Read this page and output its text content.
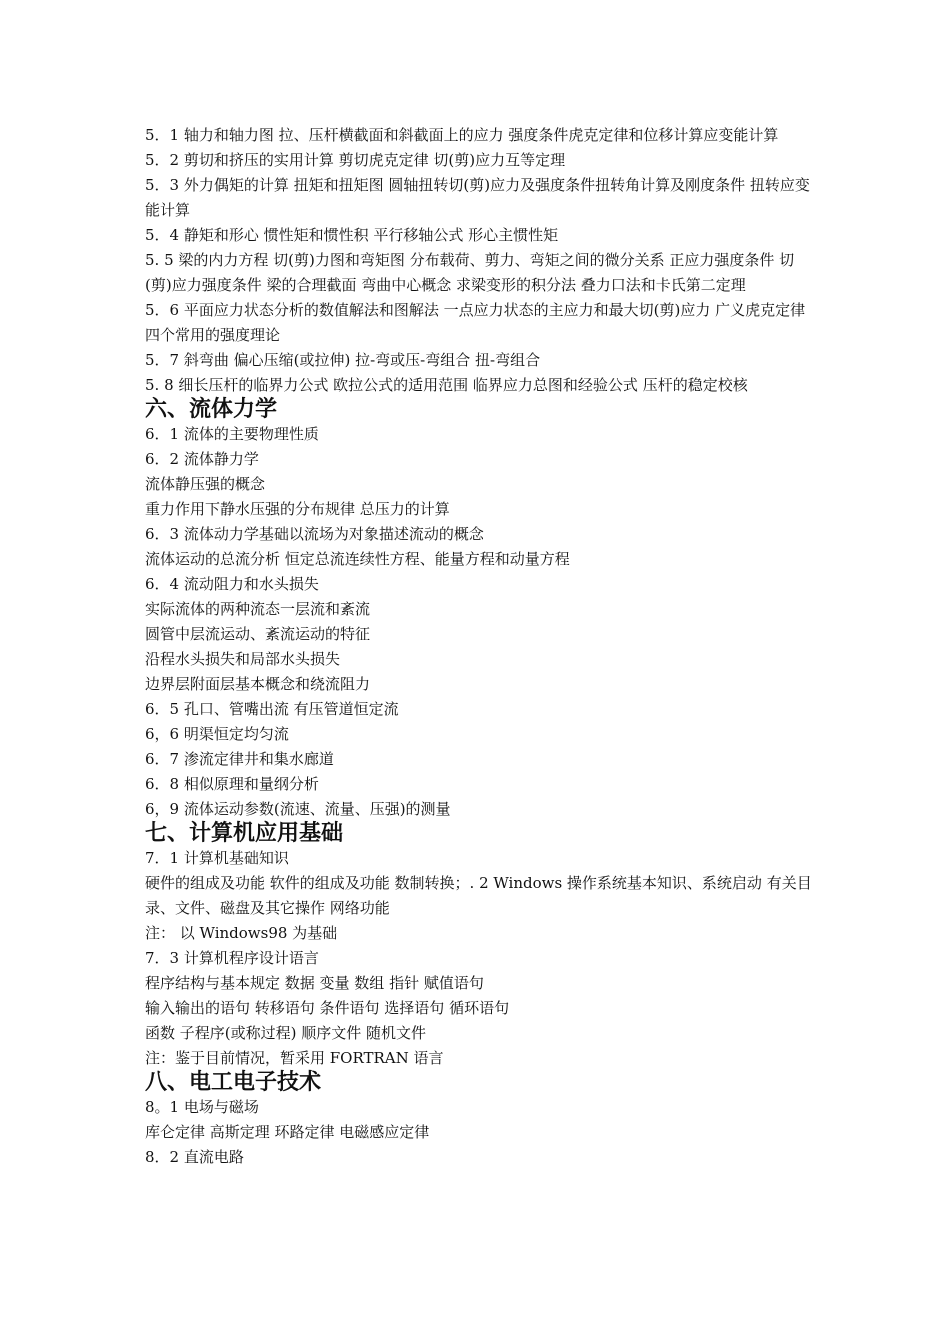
5．1 轴力和轴力图 拉、压杆横截面和斜截面上的应力 强度条件虎克定律和位移计算应变能计算

5．2 剪切和挤压的实用计算 剪切虎克定律 切(剪)应力互等定理

5．3 外力偶矩的计算 扭矩和扭矩图 圆轴扭转切(剪)应力及强度条件扭转角计算及刚度条件 扭转应变能计算

5．4 静矩和形心 惯性矩和惯性积 平行移轴公式 形心主惯性矩

5. 5 梁的内力方程 切(剪)力图和弯矩图 分布载荷、剪力、弯矩之间的微分关系 正应力强度条件 切(剪)应力强度条件 梁的合理截面 弯曲中心概念 求梁变形的积分法 叠力口法和卡氏第二定理

5．6 平面应力状态分析的数值解法和图解法 一点应力状态的主应力和最大切(剪)应力 广义虎克定律 四个常用的强度理论

5．7 斜弯曲 偏心压缩(或拉伸) 拉-弯或压-弯组合 扭-弯组合

5. 8 细长压杆的临界力公式 欧拉公式的适用范围 临界应力总图和经验公式 压杆的稳定校核

六、流体力学

6．1 流体的主要物理性质

6．2 流体静力学

流体静压强的概念

重力作用下静水压强的分布规律 总压力的计算

6．3 流体动力学基础以流场为对象描述流动的概念

流体运动的总流分析 恒定总流连续性方程、能量方程和动量方程

6．4 流动阻力和水头损失

实际流体的两种流态一层流和紊流

圆管中层流运动、紊流运动的特征

沿程水头损失和局部水头损失

边界层附面层基本概念和绕流阻力

6．5 孔口、管嘴出流 有压管道恒定流

6，6 明渠恒定均匀流

6．7 渗流定律井和集水廊道

6．8 相似原理和量纲分析

6，9 流体运动参数(流速、流量、压强)的测量

七、计算机应用基础

7．1 计算机基础知识

硬件的组成及功能 软件的组成及功能 数制转换；. 2 Windows 操作系统基本知识、系统启动 有关目录、文件、磁盘及其它操作 网络功能

注： 以 Windows98 为基础

7．3 计算机程序设计语言

程序结构与基本规定 数据 变量 数组 指针 赋值语句

输入输出的语句 转移语句 条件语句 选择语句 循环语句

函数 子程序(或称过程) 顺序文件 随机文件

注：鉴于目前情况，暂采用 FORTRAN 语言

八、电工电子技术

8。1 电场与磁场

库仑定律 高斯定理 环路定律 电磁感应定律

8．2 直流电路
